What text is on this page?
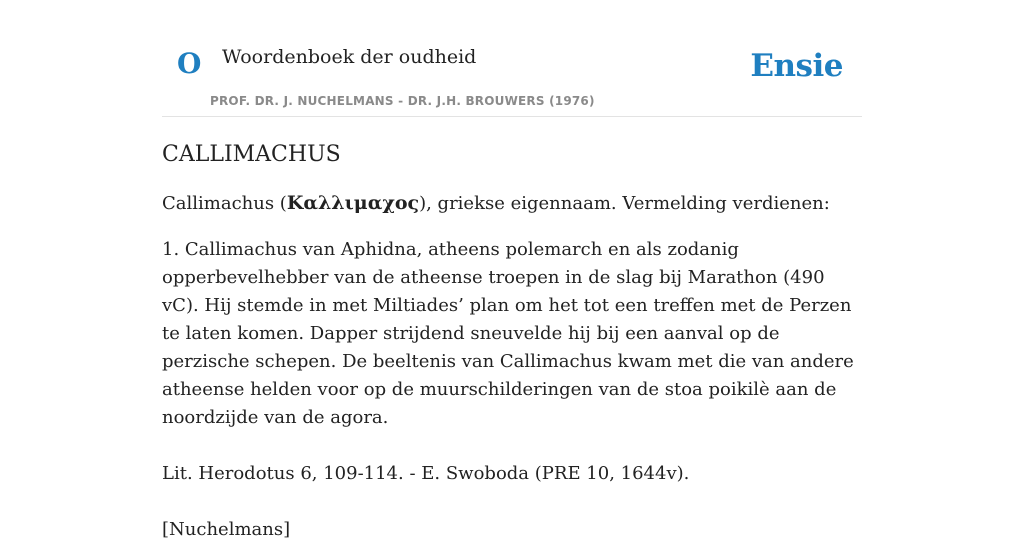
O Woordenboek der oudheid	Ensie
PROF. DR. J. NUCHELMANS - DR. J.H. BROUWERS (1976)
CALLIMACHUS

Callimachus (Καλλιμαχος), griekse eigennaam. Vermelding verdienen:

1. Callimachus van Aphidna, atheens polemarch en als zodanig opperbevelhebber van de atheense troepen in de slag bij Marathon (490 vC). Hij stemde in met Miltiades’ plan om het tot een treffen met de Perzen te laten komen. Dapper strijdend sneuvelde hij bij een aanval op de perzische schepen. De beeltenis van Callimachus kwam met die van andere atheense helden voor op de muurschilderingen van de stoa poikilè aan de noordzijde van de agora.

Lit. Herodotus 6, 109-114. - E. Swoboda (PRE 10, 1644v).

[Nuchelmans]
